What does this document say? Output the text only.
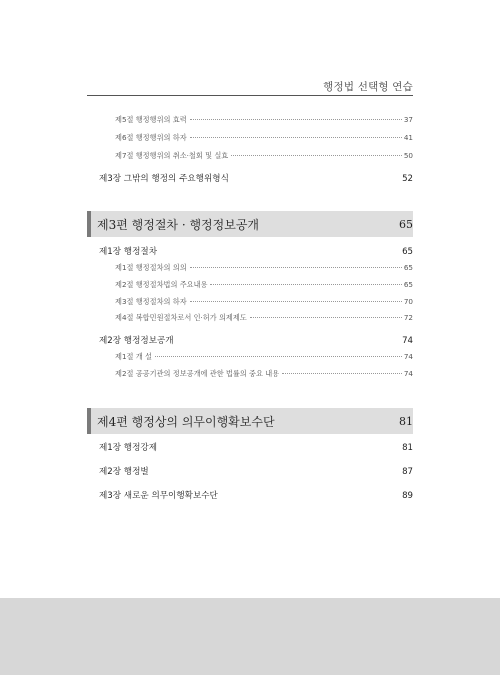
행정법 선택형 연습
제5절 행정행위의 효력	37
제6절 행정행위의 하자	41
제7절 행정행위의 취소·철회 및 실효	50
제3장 그밖의 행정의 주요행위형식	52
제3편 행정절차 · 행정정보공개	65
제1장 행정절차	65
제1절 행정절차의 의의	65
제2절 행정절차법의 주요내용	65
제3절 행정절차의 하자	70
제4절 복합민원절차로서 인·허가 의제제도	72
제2장 행정정보공개	74
제1절 개 설	74
제2절 공공기관의 정보공개에 관한 법률의 중요 내용	74
제4편 행정상의 의무이행확보수단	81
제1장 행정강제	81
제2장 행정벌	87
제3장 새로운 의무이행확보수단	89
